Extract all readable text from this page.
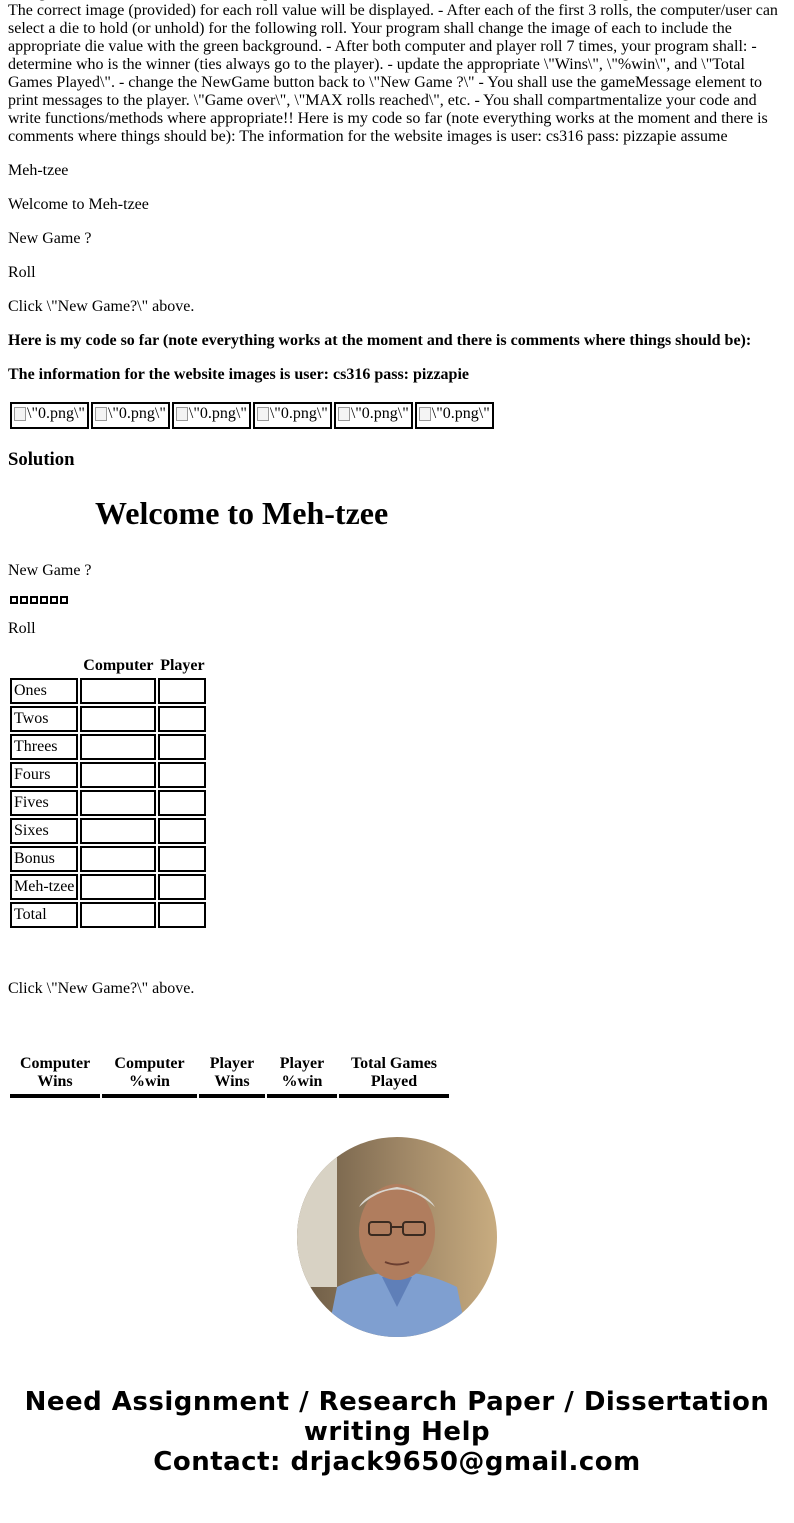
The correct image (provided) for each roll value will be displayed. - After each of the first 3 rolls, the computer/user can select a die to hold (or unhold) for the following roll. Your program shall change the image of each to include the appropriate die value with the green background. - After both computer and player roll 7 times, your program shall: - determine who is the winner (ties always go to the player). - update the appropriate \"Wins\", \"%win\", and \"Total Games Played\". - change the NewGame button back to \"New Game ?\" - You shall use the gameMessage element to print messages to the player. \"Game over\", \"MAX rolls reached\", etc. - You shall compartmentalize your code and write functions/methods where appropriate!! Here is my code so far (note everything works at the moment and there is comments where things should be): The information for the website images is user: cs316 pass: pizzapie assume

Meh-tzee

Welcome to Meh-tzee

New Game ?

Roll

Click \"New Game?\" above.

Here is my code so far (note everything works at the moment and there is comments where things should be):

The information for the website images is user: cs316 pass: pizzapie

\"0.png\"	\"0.png\"	\"0.png\"	\"0.png\"	\"0.png\"	\"0.png\"
Solution
Welcome to Meh-tzee

New Game ?

Roll

	Computer	Player
Ones		
Twos		
Threes		
Fours		
Fives		
Sixes		
Bonus		
Meh-tzee		
Total		

Click \"New Game?\" above.

Computer Wins	Computer %win	Player Wins	Player %win	Total Games Played

Need Assignment / Research Paper / Dissertation
writing Help
Contact: drjack9650@gmail.com
